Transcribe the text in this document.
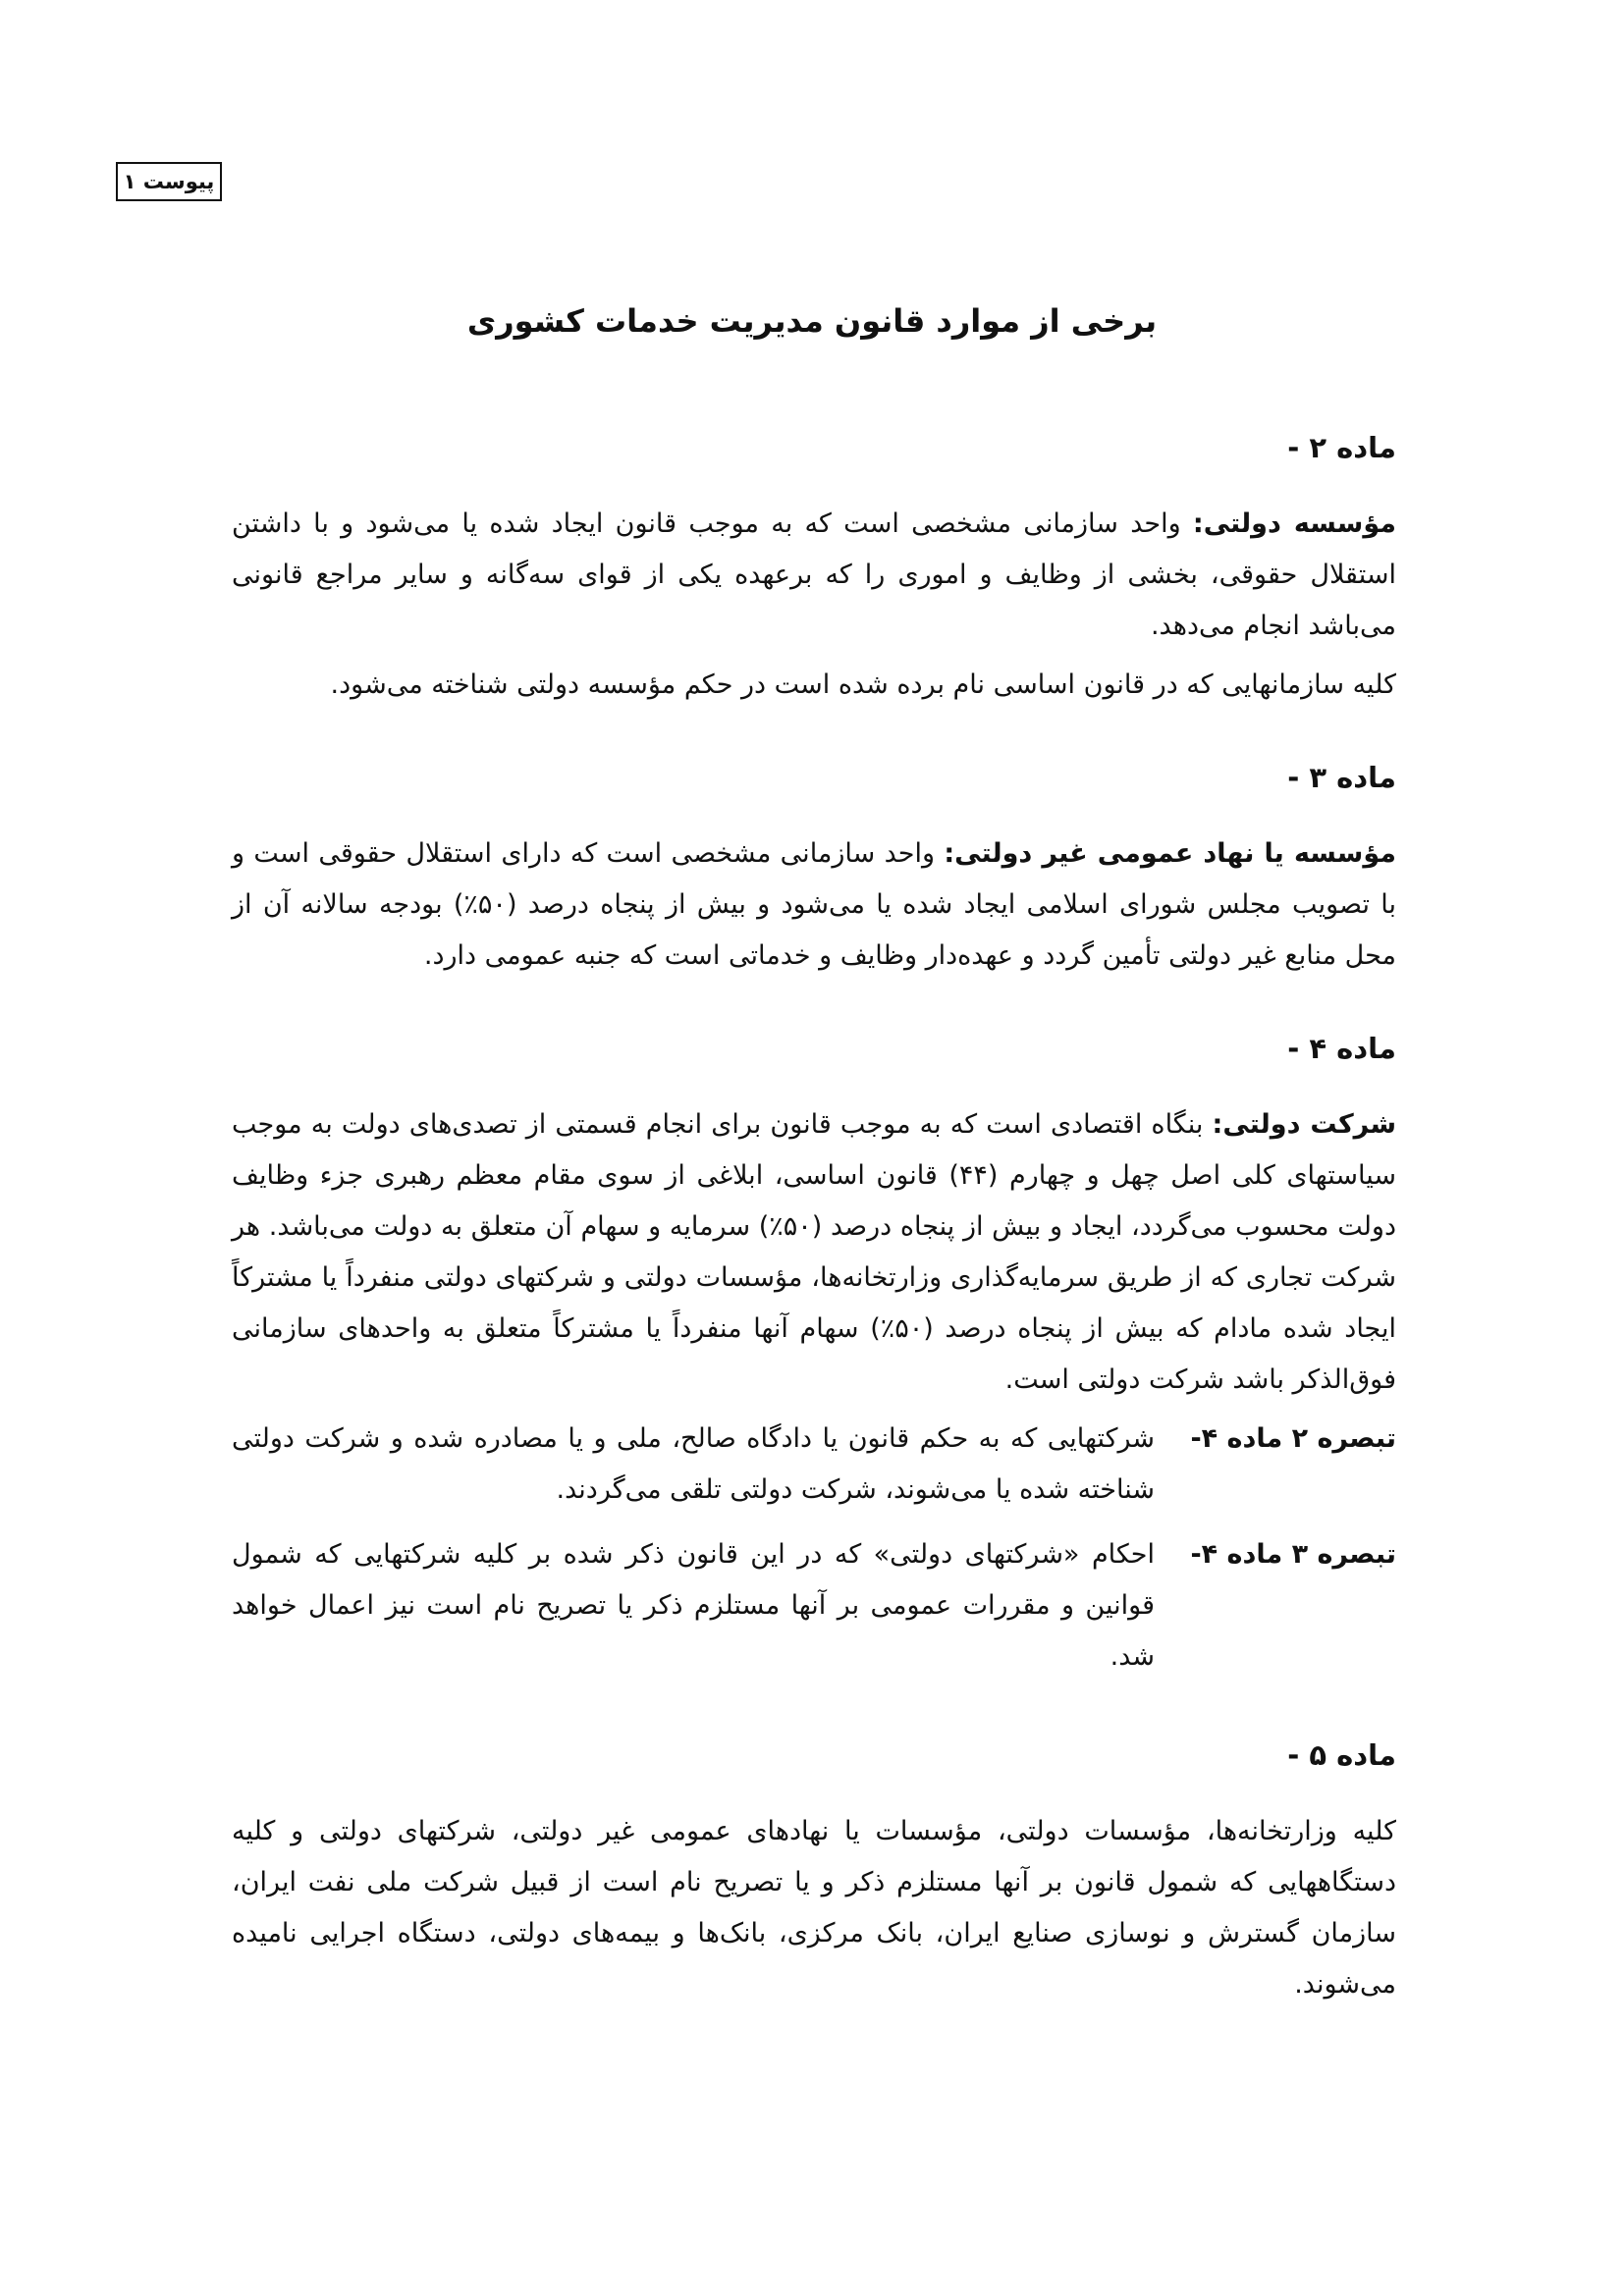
پیوست ۱
برخی از موارد قانون مدیریت خدمات کشوری
ماده ۲ -

مؤسسه دولتی: واحد سازمانی مشخصی است که به موجب قانون ایجاد شده یا می‌شود و با داشتن استقلال حقوقی، بخشی از وظایف و اموری را که برعهده یکی از قوای سه‌گانه و سایر مراجع قانونی می‌باشد انجام می‌دهد.

کلیه سازمانهایی که در قانون اساسی نام برده شده است در حکم مؤسسه دولتی شناخته می‌شود.

ماده ۳ -

مؤسسه یا نهاد عمومی غیر دولتی: واحد سازمانی مشخصی است که دارای استقلال حقوقی است و با تصویب مجلس شورای اسلامی ایجاد شده یا می‌شود و بیش از پنجاه درصد (۵۰٪) بودجه سالانه آن از محل منابع غیر دولتی تأمین گردد و عهده‌دار وظایف و خدماتی است که جنبه عمومی دارد.

ماده ۴ -

شرکت دولتی: بنگاه اقتصادی است که به موجب قانون برای انجام قسمتی از تصدی‌های دولت به موجب سیاستهای کلی اصل چهل و چهارم (۴۴) قانون اساسی، ابلاغی از سوی مقام معظم رهبری جزء وظایف دولت محسوب می‌گردد، ایجاد و بیش از پنجاه درصد (۵۰٪) سرمایه و سهام آن متعلق به دولت می‌باشد. هر شرکت تجاری که از طریق سرمایه‌گذاری وزارتخانه‌ها، مؤسسات دولتی و شرکتهای دولتی منفرداً یا مشترکاً ایجاد شده مادام که بیش از پنجاه درصد (۵۰٪) سهام آنها منفرداً یا مشترکاً متعلق به واحدهای سازمانی فوق‌الذکر باشد شرکت دولتی است.

تبصره ۲ ماده ۴-
شرکتهایی که به حکم قانون یا دادگاه صالح، ملی و یا مصادره شده و شرکت دولتی شناخته شده یا می‌شوند، شرکت دولتی تلقی می‌گردند.
تبصره ۳ ماده ۴-
احکام «شرکتهای دولتی» که در این قانون ذکر شده بر کلیه شرکتهایی که شمول قوانین و مقررات عمومی بر آنها مستلزم ذکر یا تصریح نام است نیز اعمال خواهد شد.
ماده ۵ -

کلیه وزارتخانه‌ها، مؤسسات دولتی، مؤسسات یا نهادهای عمومی غیر دولتی، شرکتهای دولتی و کلیه دستگاههایی که شمول قانون بر آنها مستلزم ذکر و یا تصریح نام است از قبیل شرکت ملی نفت ایران، سازمان گسترش و نوسازی صنایع ایران، بانک مرکزی، بانک‌ها و بیمه‌های دولتی، دستگاه اجرایی نامیده می‌شوند.
